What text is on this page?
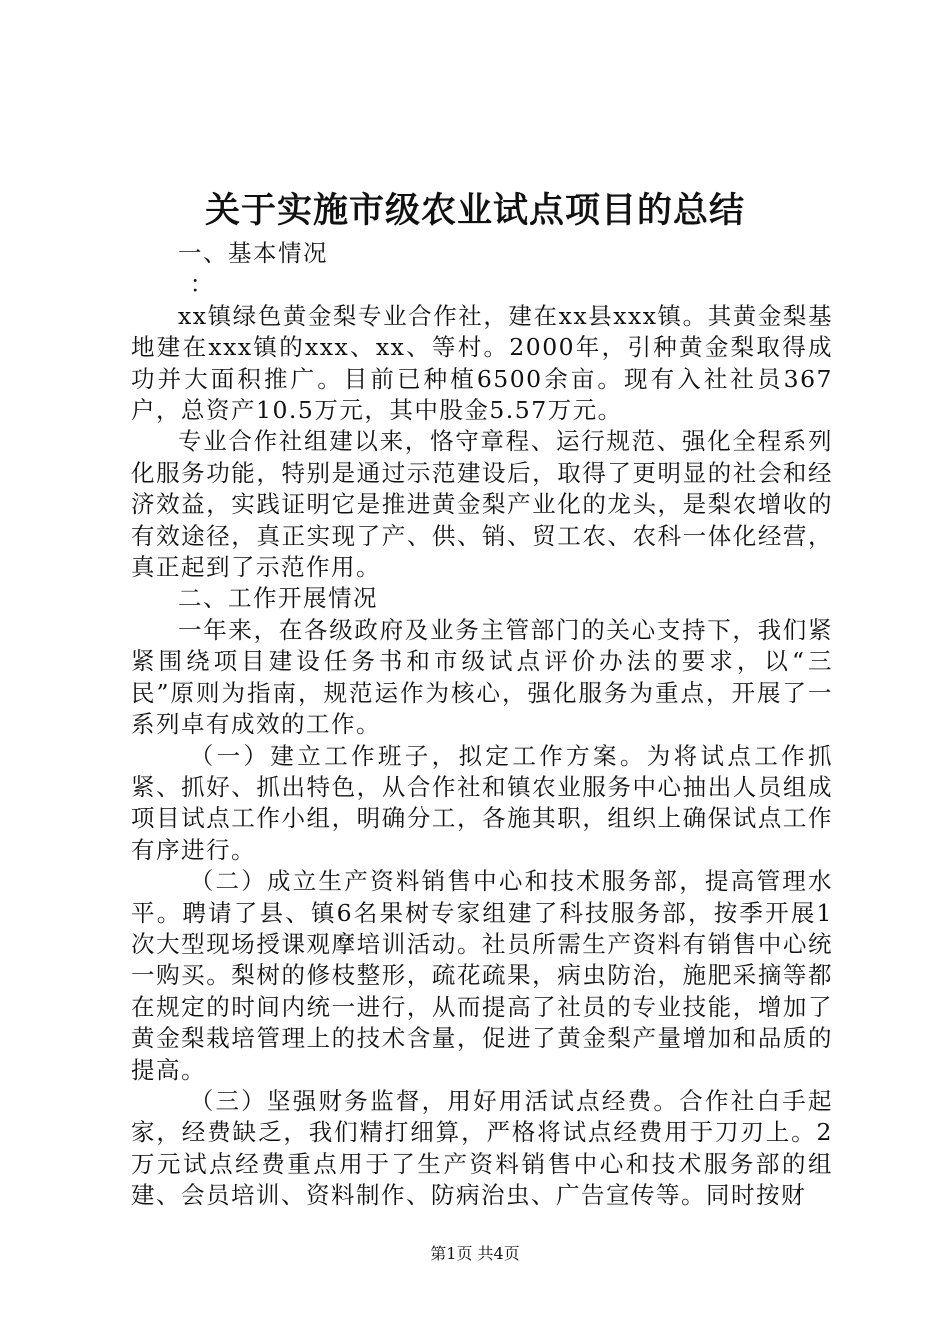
关于实施市级农业试点项目的总结

一、基本情况

：

xx镇绿色黄金梨专业合作社，建在xx县xxx镇。其黄金梨基地建在xxx镇的xxx、xx、等村。2000年，引种黄金梨取得成功并大面积推广。目前已种植6500余亩。现有入社社员367户，总资产10.5万元，其中股金5.57万元。

专业合作社组建以来，恪守章程、运行规范、强化全程系列化服务功能，特别是通过示范建设后，取得了更明显的社会和经济效益，实践证明它是推进黄金梨产业化的龙头，是梨农增收的有效途径，真正实现了产、供、销、贸工农、农科一体化经营，真正起到了示范作用。

二、工作开展情况

一年来，在各级政府及业务主管部门的关心支持下，我们紧紧围绕项目建设任务书和市级试点评价办法的要求，以“三民”原则为指南，规范运作为核心，强化服务为重点，开展了一系列卓有成效的工作。

（一）建立工作班子，拟定工作方案。为将试点工作抓紧、抓好、抓出特色，从合作社和镇农业服务中心抽出人员组成项目试点工作小组，明确分工，各施其职，组织上确保试点工作有序进行。

（二）成立生产资料销售中心和技术服务部，提高管理水平。聘请了县、镇6名果树专家组建了科技服务部，按季开展1次大型现场授课观摩培训活动。社员所需生产资料有销售中心统一购买。梨树的修枝整形，疏花疏果，病虫防治，施肥采摘等都在规定的时间内统一进行，从而提高了社员的专业技能，增加了黄金梨栽培管理上的技术含量，促进了黄金梨产量增加和品质的提高。

（三）坚强财务监督，用好用活试点经费。合作社白手起家，经费缺乏，我们精打细算，严格将试点经费用于刀刃上。2万元试点经费重点用于了生产资料销售中心和技术服务部的组建、会员培训、资料制作、防病治虫、广告宣传等。同时按财

第1页 共4页
